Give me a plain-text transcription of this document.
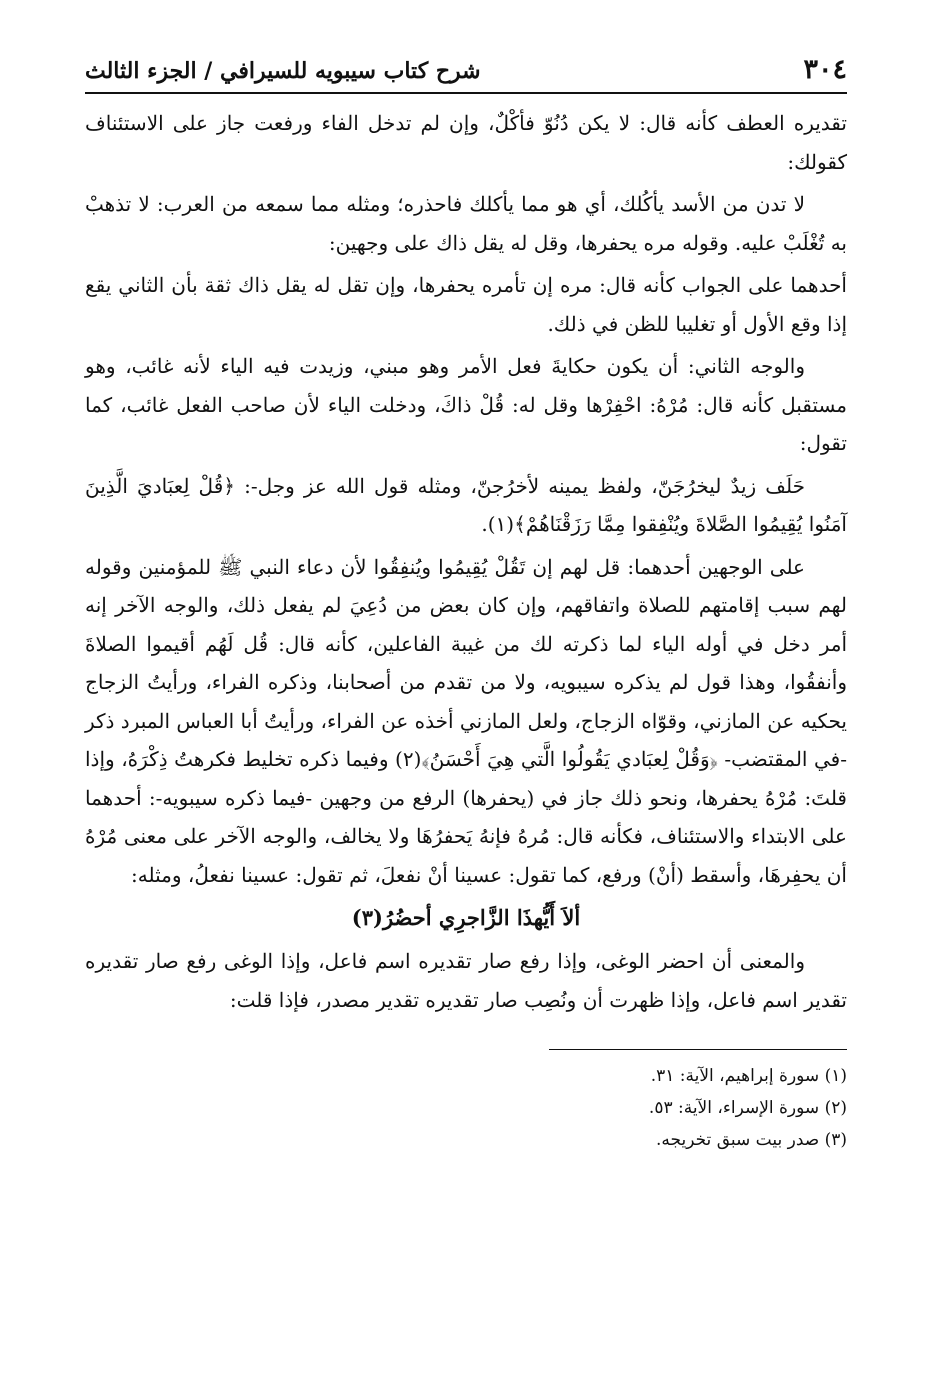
٣٠٤
شرح كتاب سيبويه للسيرافي / الجزء الثالث

تقديره العطف كأنه قال: لا يكن دُنُوّ فأكْلٌ، وإن لم تدخل الفاء ورفعت جاز على الاستئناف كقولك:

لا تدن من الأسد يأكُلك، أي هو مما يأكلك فاحذره؛ ومثله مما سمعه من العرب: لا تذهبْ به تُغْلَبْ عليه. وقوله مره يحفرها، وقل له يقل ذاك على وجهين:

أحدهما على الجواب كأنه قال: مره إن تأمره يحفرها، وإن تقل له يقل ذاك ثقة بأن الثاني يقع إذا وقع الأول أو تغليبا للظن في ذلك.

والوجه الثاني: أن يكون حكايةَ فعل الأمر وهو مبني، وزيدت فيه الياء لأنه غائب، وهو مستقبل كأنه قال: مُرْهُ: احْفِرْها وقل له: قُلْ ذاكَ، ودخلت الياء لأن صاحب الفعل غائب، كما تقول:

حَلَف زيدٌ ليخرُجَنّ، ولفظ يمينه لأخرُجنّ، ومثله قول الله عز وجل-: ﴿قُلْ لِعبَاديَ الَّذِينَ آمَنُوا يُقِيمُوا الصَّلاةَ ويُنْفِقوا مِمَّا رَزَقْنَاهُمْ﴾(١).

على الوجهين أحدهما: قل لهم إن تَقُلْ يُقِيمُوا ويُنفِقُوا لأن دعاء النبي ﷺ للمؤمنين وقوله لهم سبب إقامتهم للصلاة واتفاقهم، وإن كان بعض من دُعِيَ لم يفعل ذلك، والوجه الآخر إنه أمر دخل في أوله الياء لما ذكرته لك من غيبة الفاعلين، كأنه قال: قُل لَهُم أقيموا الصلاةَ وأنفقُوا، وهذا قول لم يذكره سيبويه، ولا من تقدم من أصحابنا، وذكره الفراء، ورأيتُ الزجاج يحكيه عن المازني، وقوّاه الزجاج، ولعل المازني أخذه عن الفراء، ورأيتُ أبا العباس المبرد ذكر -في المقتضب- ﴿وَقُلْ لِعبَادي يَقُولُوا الَّتي هِيَ أَحْسَنُ﴾(٢) وفيما ذكره تخليط فكرهتُ ذِكْرَهُ، وإذا قلتَ: مُرْهُ يحفرها، ونحو ذلك جاز في (يحفرها) الرفع من وجهين -فيما ذكره سيبويه-: أحدهما على الابتداء والاستئناف، فكأنه قال: مُرهُ فإنهُ يَحفرُهَا ولا يخالف، والوجه الآخر على معنى مُرْهُ أن يحفِرهَا، وأسقط (أنْ) ورفع، كما تقول: عسينا أنْ نفعلَ، ثم تقول: عسينا نفعلُ، ومثله:

ألاَ أَيُّهذَا الزَّاجرِي أحضُرُ(٣)

والمعنى أن احضر الوغى، وإذا رفع صار تقديره اسم فاعل، وإذا الوغى رفع صار تقديره تقدير اسم فاعل، وإذا ظهرت أن ونُصِب صار تقديره تقدير مصدر، فإذا قلت:

(١) سورة إبراهيم، الآية: ٣١.

(٢) سورة الإسراء، الآية: ٥٣.

(٣) صدر بيت سبق تخريجه.
